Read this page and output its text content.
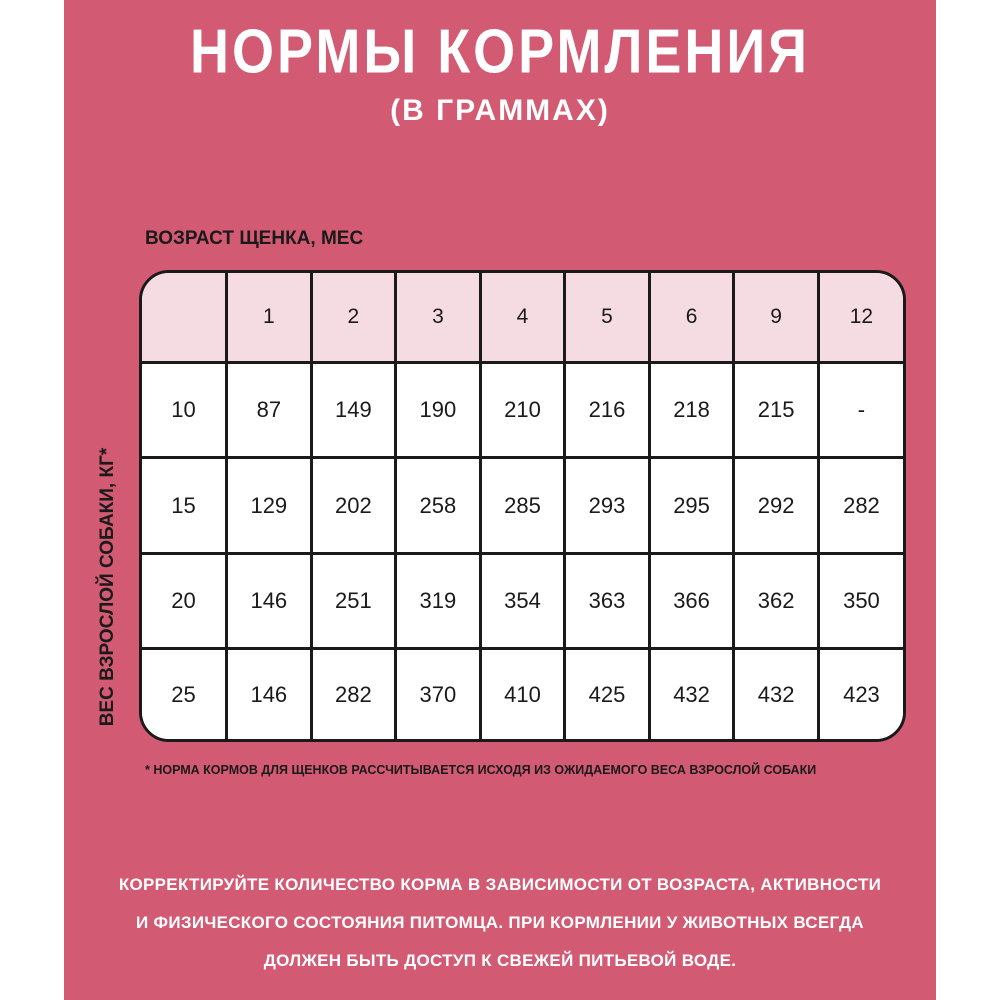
НОРМЫ КОРМЛЕНИЯ
(В ГРАММАХ)
ВОЗРАСТ ЩЕНКА, МЕС
ВЕС ВЗРОСЛОЙ СОБАКИ, КГ*
	1	2	3	4	5	6	9	12
10	87	149	190	210	216	218	215	-
15	129	202	258	285	293	295	292	282
20	146	251	319	354	363	366	362	350
25	146	282	370	410	425	432	432	423
* НОРМА КОРМОВ ДЛЯ ЩЕНКОВ РАССЧИТЫВАЕТСЯ ИСХОДЯ ИЗ ОЖИДАЕМОГО ВЕСА ВЗРОСЛОЙ СОБАКИ
КОРРЕКТИРУЙТЕ КОЛИЧЕСТВО КОРМА В ЗАВИСИМОСТИ ОТ ВОЗРАСТА, АКТИВНОСТИ
И ФИЗИЧЕСКОГО СОСТОЯНИЯ ПИТОМЦА. ПРИ КОРМЛЕНИИ У ЖИВОТНЫХ ВСЕГДА
ДОЛЖЕН БЫТЬ ДОСТУП К СВЕЖЕЙ ПИТЬЕВОЙ ВОДЕ.
